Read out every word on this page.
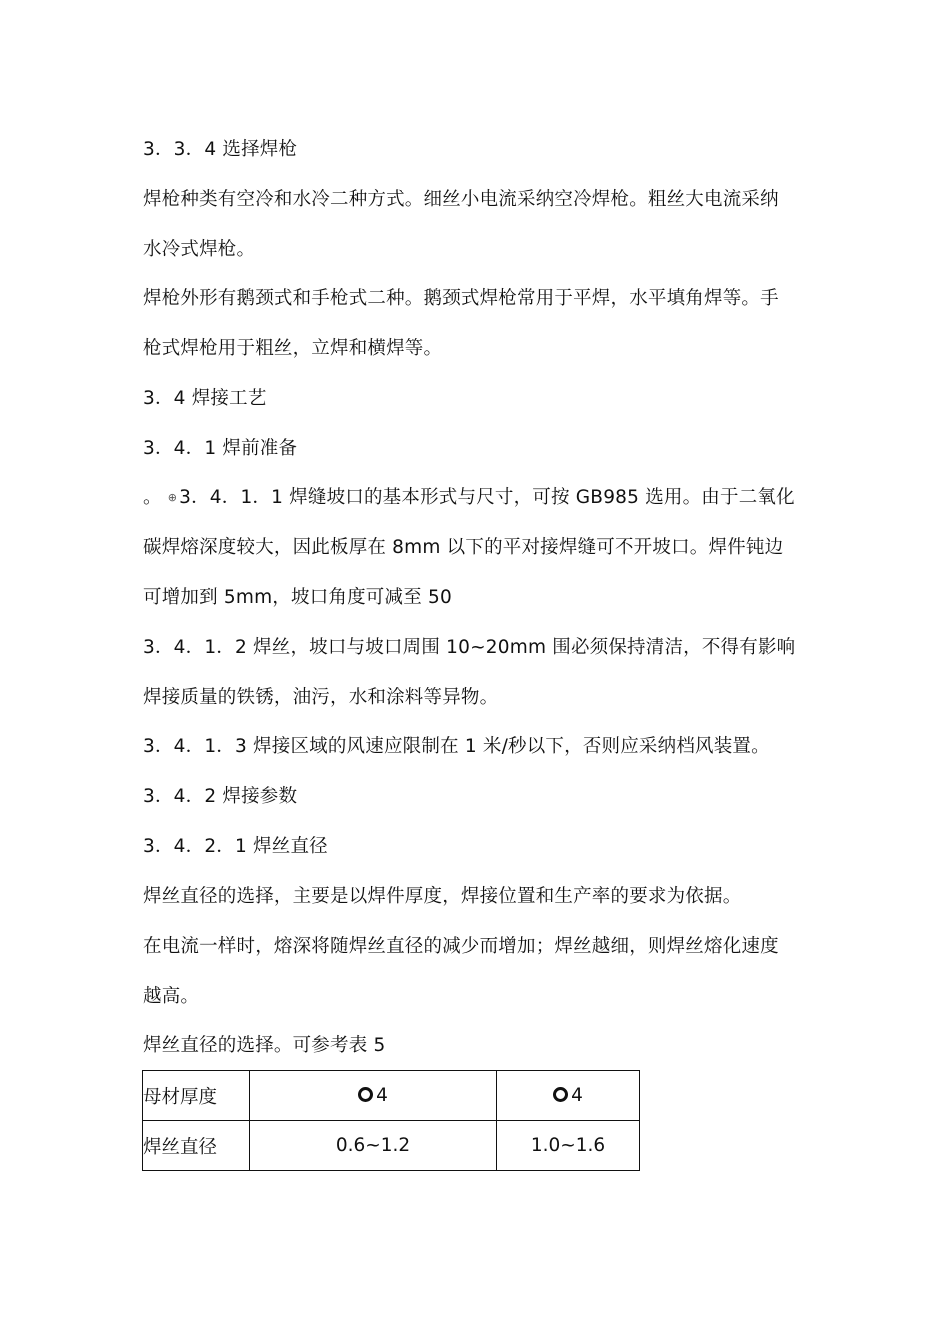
3．3．4 选择焊枪
焊枪种类有空冷和水冷二种方式。细丝小电流采纳空冷焊枪。粗丝大电流采纳
水冷式焊枪。
焊枪外形有鹅颈式和手枪式二种。鹅颈式焊枪常用于平焊，水平填角焊等。手
枪式焊枪用于粗丝，立焊和横焊等。
3．4 焊接工艺
3．4．1 焊前准备
。 ⊕ 3．4．1．1 焊缝坡口的基本形式与尺寸，可按 GB985 选用。由于二氧化
碳焊熔深度较大，因此板厚在 8mm 以下的平对接焊缝可不开坡口。焊件钝边
可增加到 5mm，坡口角度可减至 50
3．4．1．2 焊丝，坡口与坡口周围 10~20mm 围必须保持清洁，不得有影响
焊接质量的铁锈，油污，水和涂料等异物。
3．4．1．3 焊接区域的风速应限制在 1 米/秒以下，否则应采纳档风装置。
3．4．2 焊接参数
3．4．2．1 焊丝直径
焊丝直径的选择，主要是以焊件厚度，焊接位置和生产率的要求为依据。
在电流一样时，熔深将随焊丝直径的减少而增加；焊丝越细，则焊丝熔化速度
越高。
焊丝直径的选择。可参考表 5
母材厚度	4	4
焊丝直径	0.6~1.2	1.0~1.6
